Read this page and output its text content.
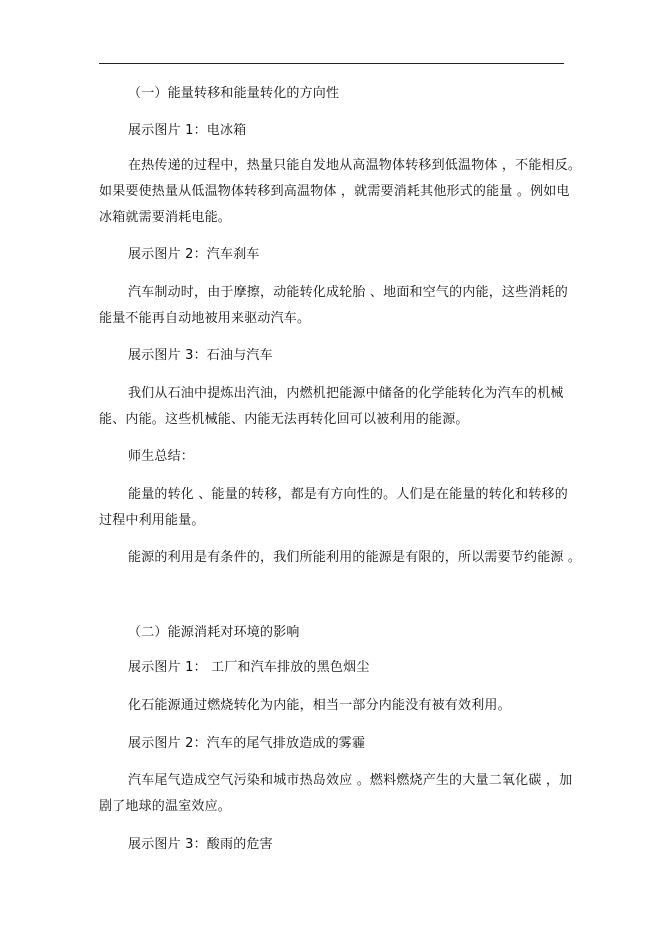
（一）能量转移和能量转化的方向性
展示图片 1：电冰箱
在热传递的过程中，热量只能自发地从高温物体转移到低温物体 ，不能相反。
如果要使热量从低温物体转移到高温物体 ，就需要消耗其他形式的能量 。例如电
冰箱就需要消耗电能。
展示图片 2：汽车刹车
汽车制动时，由于摩擦，动能转化成轮胎 、地面和空气的内能，这些消耗的
能量不能再自动地被用来驱动汽车。
展示图片 3：石油与汽车
我们从石油中提炼出汽油，内燃机把能源中储备的化学能转化为汽车的机械
能、内能。这些机械能、内能无法再转化回可以被利用的能源。
师生总结：
能量的转化 、能量的转移，都是有方向性的。人们是在能量的转化和转移的
过程中利用能量。
能源的利用是有条件的，我们所能利用的能源是有限的，所以需要节约能源 。
（二）能源消耗对环境的影响
展示图片 1： 工厂和汽车排放的黑色烟尘
化石能源通过燃烧转化为内能，相当一部分内能没有被有效利用。
展示图片 2：汽车的尾气排放造成的雾霾
汽车尾气造成空气污染和城市热岛效应 。燃料燃烧产生的大量二氧化碳 ，加
剧了地球的温室效应。
展示图片 3：酸雨的危害
